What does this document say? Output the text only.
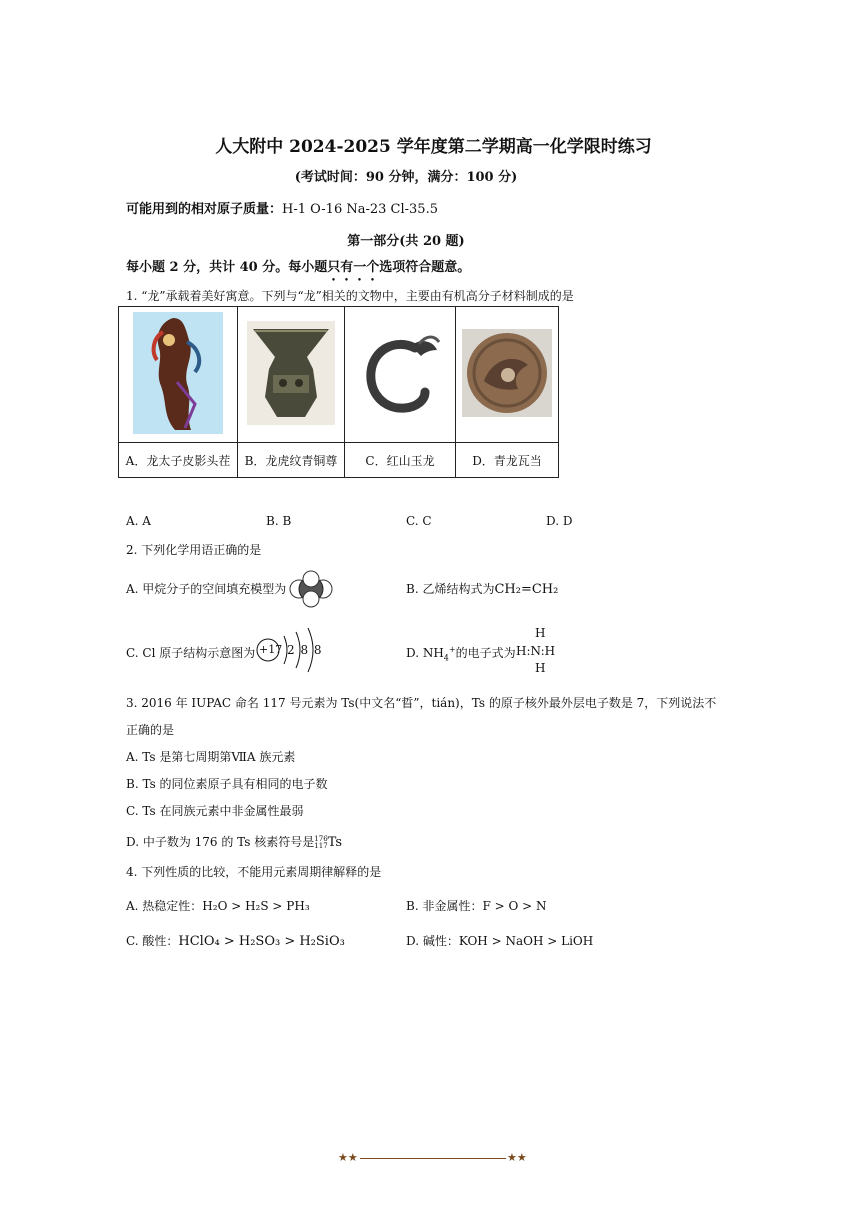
人大附中 2024-2025 学年度第二学期高一化学限时练习
(考试时间：90 分钟，满分：100 分)
可能用到的相对原子质量：H-1 O-16 Na-23 Cl-35.5
第一部分(共 20 题)
每小题 2 分，共计 40 分。每小题只有一个选项符合题意。
1. “龙”承载着美好寓意。下列与“龙”相关的文物中，主要由有机高分子材料制成的是

A．龙太子皮影头茬	B．龙虎纹青铜尊	C．红山玉龙	D．青龙瓦当
A. A	B. B	C. C	D. D
2. 下列化学用语正确的是
A. 甲烷分子的空间填充模型为	B. 乙烯结构式为CH₂=CH₂
C. Cl 原子结构示意图为 +17 2 8 8	D. $NH_4^+$的电子式为
H
H:N:H
H
3. 2016 年 IUPAC 命名 117 号元素为 Ts(中文名“䀸”，tián)，Ts 的原子核外最外层电子数是 7，下列说法不
正确的是
A. Ts 是第七周期第ⅦA 族元素
B. Ts 的同位素原子具有相同的电子数
C. Ts 在同族元素中非金属性最弱
D. 中子数为 176 的 Ts 核素符号是176
117Ts
4. 下列性质的比较，不能用元素周期律解释的是
A. 热稳定性：H₂O > H₂S > PH₃	B. 非金属性：F > O > N
C. 酸性：HClO₄ > H₂SO₃ > H₂SiO₃	D. 碱性：KOH > NaOH > LiOH
★★	★★
